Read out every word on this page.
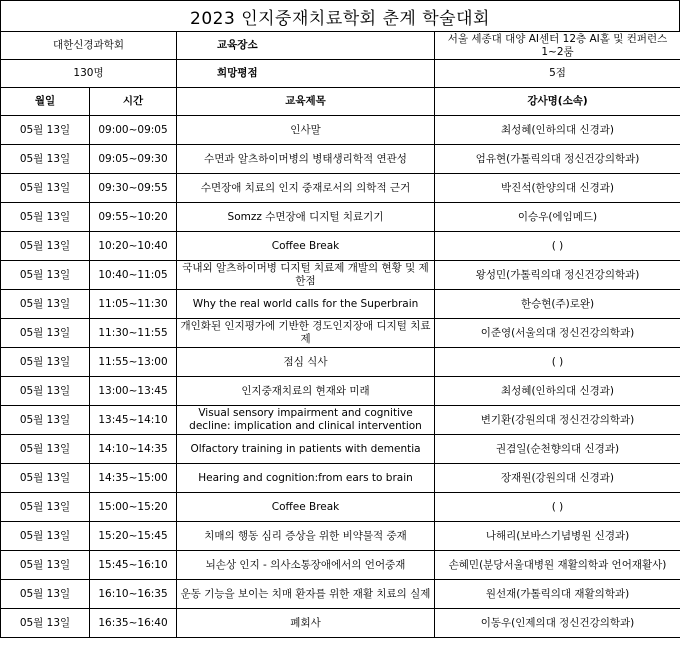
2023 인지중재치료학회 춘계 학술대회
대한신경과학회		교육장소	서울 세종대 대양 AI센터 12층 AI홀 및 컨퍼런스 1~2룸
130명		희망평점	5점
월일	시간	교육제목	강사명(소속)
05월 13일	09:00~09:05	인사말	최성혜(인하의대 신경과)
05월 13일	09:05~09:30	수면과 알츠하이머병의 병태생리학적 연관성	엄유현(가톨릭의대 정신건강의학과)
05월 13일	09:30~09:55	수면장애 치료의 인지 중재로서의 의학적 근거	박진석(한양의대 신경과)
05월 13일	09:55~10:20	Somzz 수면장애 디지털 치료기기	이승우(에임메드)
05월 13일	10:20~10:40	Coffee Break	( )
05월 13일	10:40~11:05	국내외 알츠하이머병 디지털 치료제 개발의 현황 및 제한점	왕성민(가톨릭의대 정신건강의학과)
05월 13일	11:05~11:30	Why the real world calls for the Superbrain	한승현(주)로완)
05월 13일	11:30~11:55	개인화된 인지평가에 기반한 경도인지장애 디지털 치료제	이준영(서울의대 정신건강의학과)
05월 13일	11:55~13:00	점심 식사	( )
05월 13일	13:00~13:45	인지중재치료의 현재와 미래	최성혜(인하의대 신경과)
05월 13일	13:45~14:10	Visual sensory impairment and cognitive decline: implication and clinical intervention	변기환(강원의대 정신건강의학과)
05월 13일	14:10~14:35	Olfactory training in patients with dementia	권겸일(순천향의대 신경과)
05월 13일	14:35~15:00	Hearing and cognition:from ears to brain	장재원(강원의대 신경과)
05월 13일	15:00~15:20	Coffee Break	( )
05월 13일	15:20~15:45	치매의 행동 심리 증상을 위한 비약물적 중재	나해리(보바스기념병원 신경과)
05월 13일	15:45~16:10	뇌손상 인지 - 의사소통장애에서의 언어중재	손혜민(분당서울대병원 재활의학과 언어재활사)
05월 13일	16:10~16:35	운동 기능을 보이는 치매 환자를 위한 재활 치료의 실제	원선재(가톨릭의대 재활의학과)
05월 13일	16:35~16:40	폐회사	이동우(인제의대 정신건강의학과)
